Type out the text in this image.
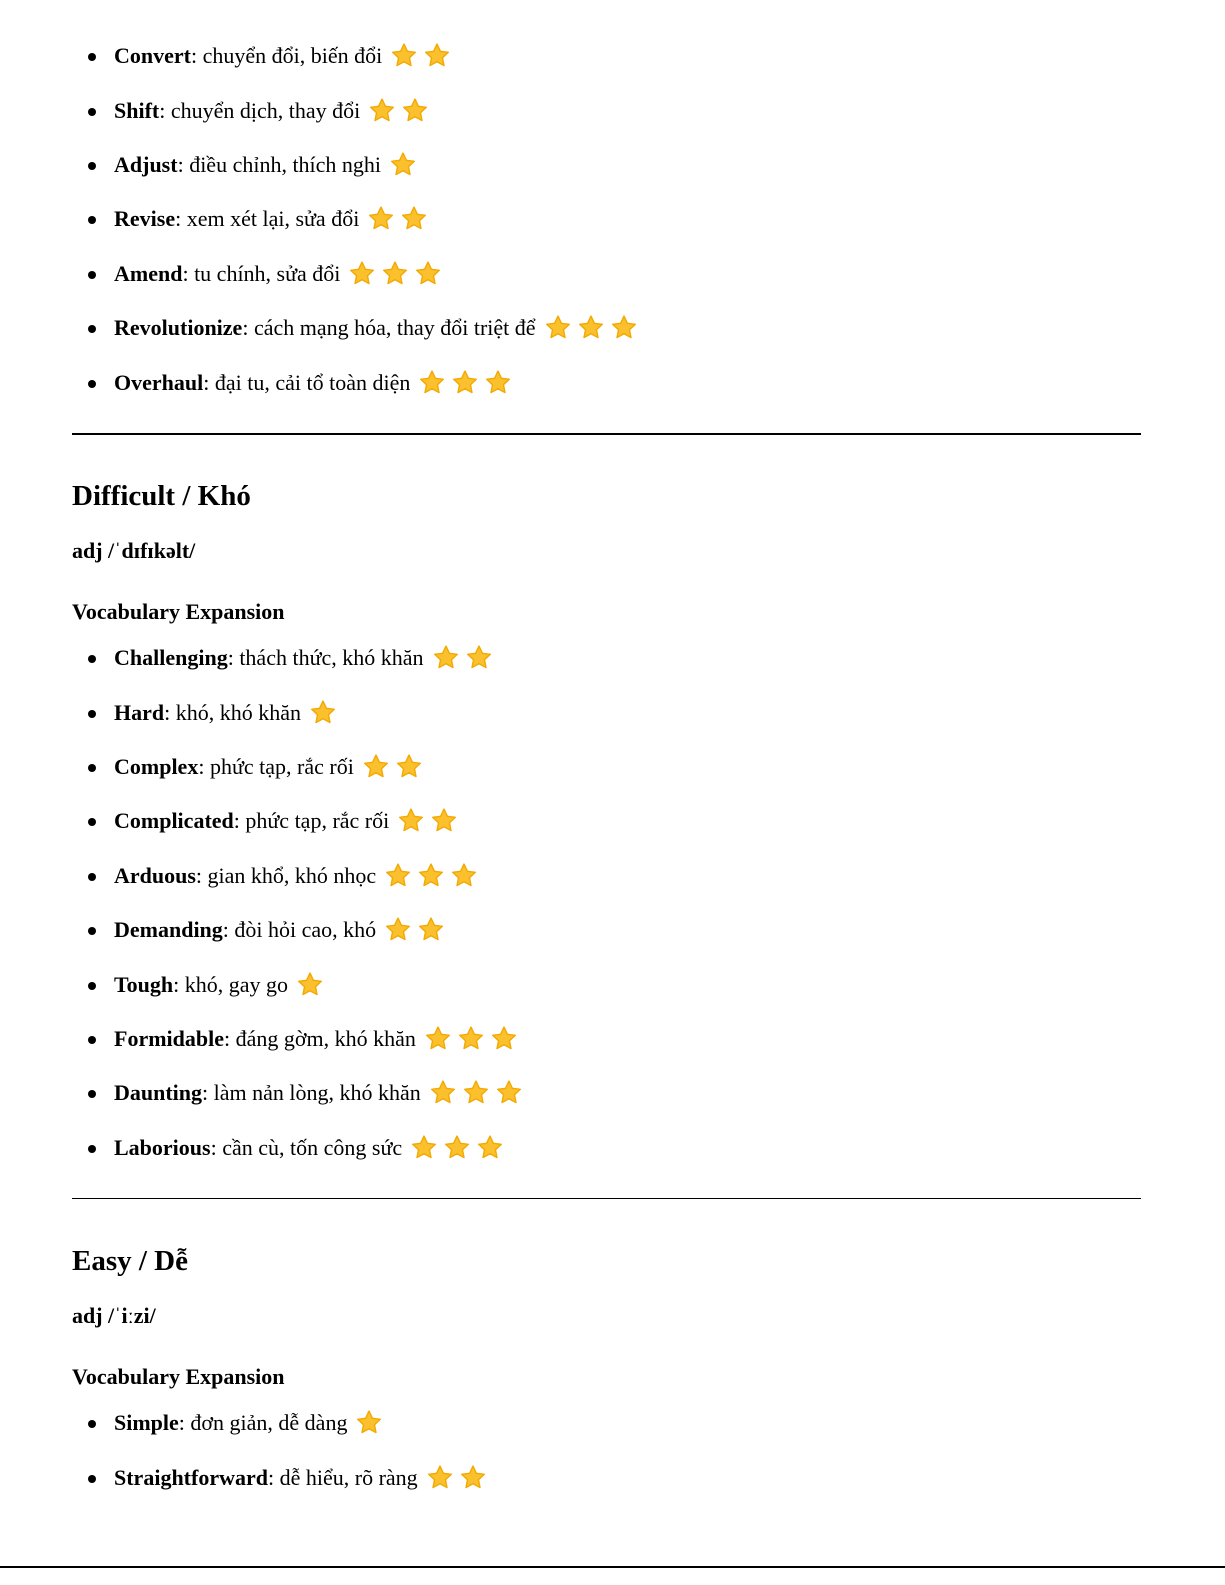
Convert: chuyển đổi, biến đổi
Shift: chuyển dịch, thay đổi
Adjust: điều chỉnh, thích nghi
Revise: xem xét lại, sửa đổi
Amend: tu chính, sửa đổi
Revolutionize: cách mạng hóa, thay đổi triệt để
Overhaul: đại tu, cải tổ toàn diện
Difficult / Khó

adj /ˈdɪfɪkəlt/

Vocabulary Expansion

Challenging: thách thức, khó khăn
Hard: khó, khó khăn
Complex: phức tạp, rắc rối
Complicated: phức tạp, rắc rối
Arduous: gian khổ, khó nhọc
Demanding: đòi hỏi cao, khó
Tough: khó, gay go
Formidable: đáng gờm, khó khăn
Daunting: làm nản lòng, khó khăn
Laborious: cần cù, tốn công sức
Easy / Dễ

adj /ˈiːzi/

Vocabulary Expansion

Simple: đơn giản, dễ dàng
Straightforward: dễ hiểu, rõ ràng
